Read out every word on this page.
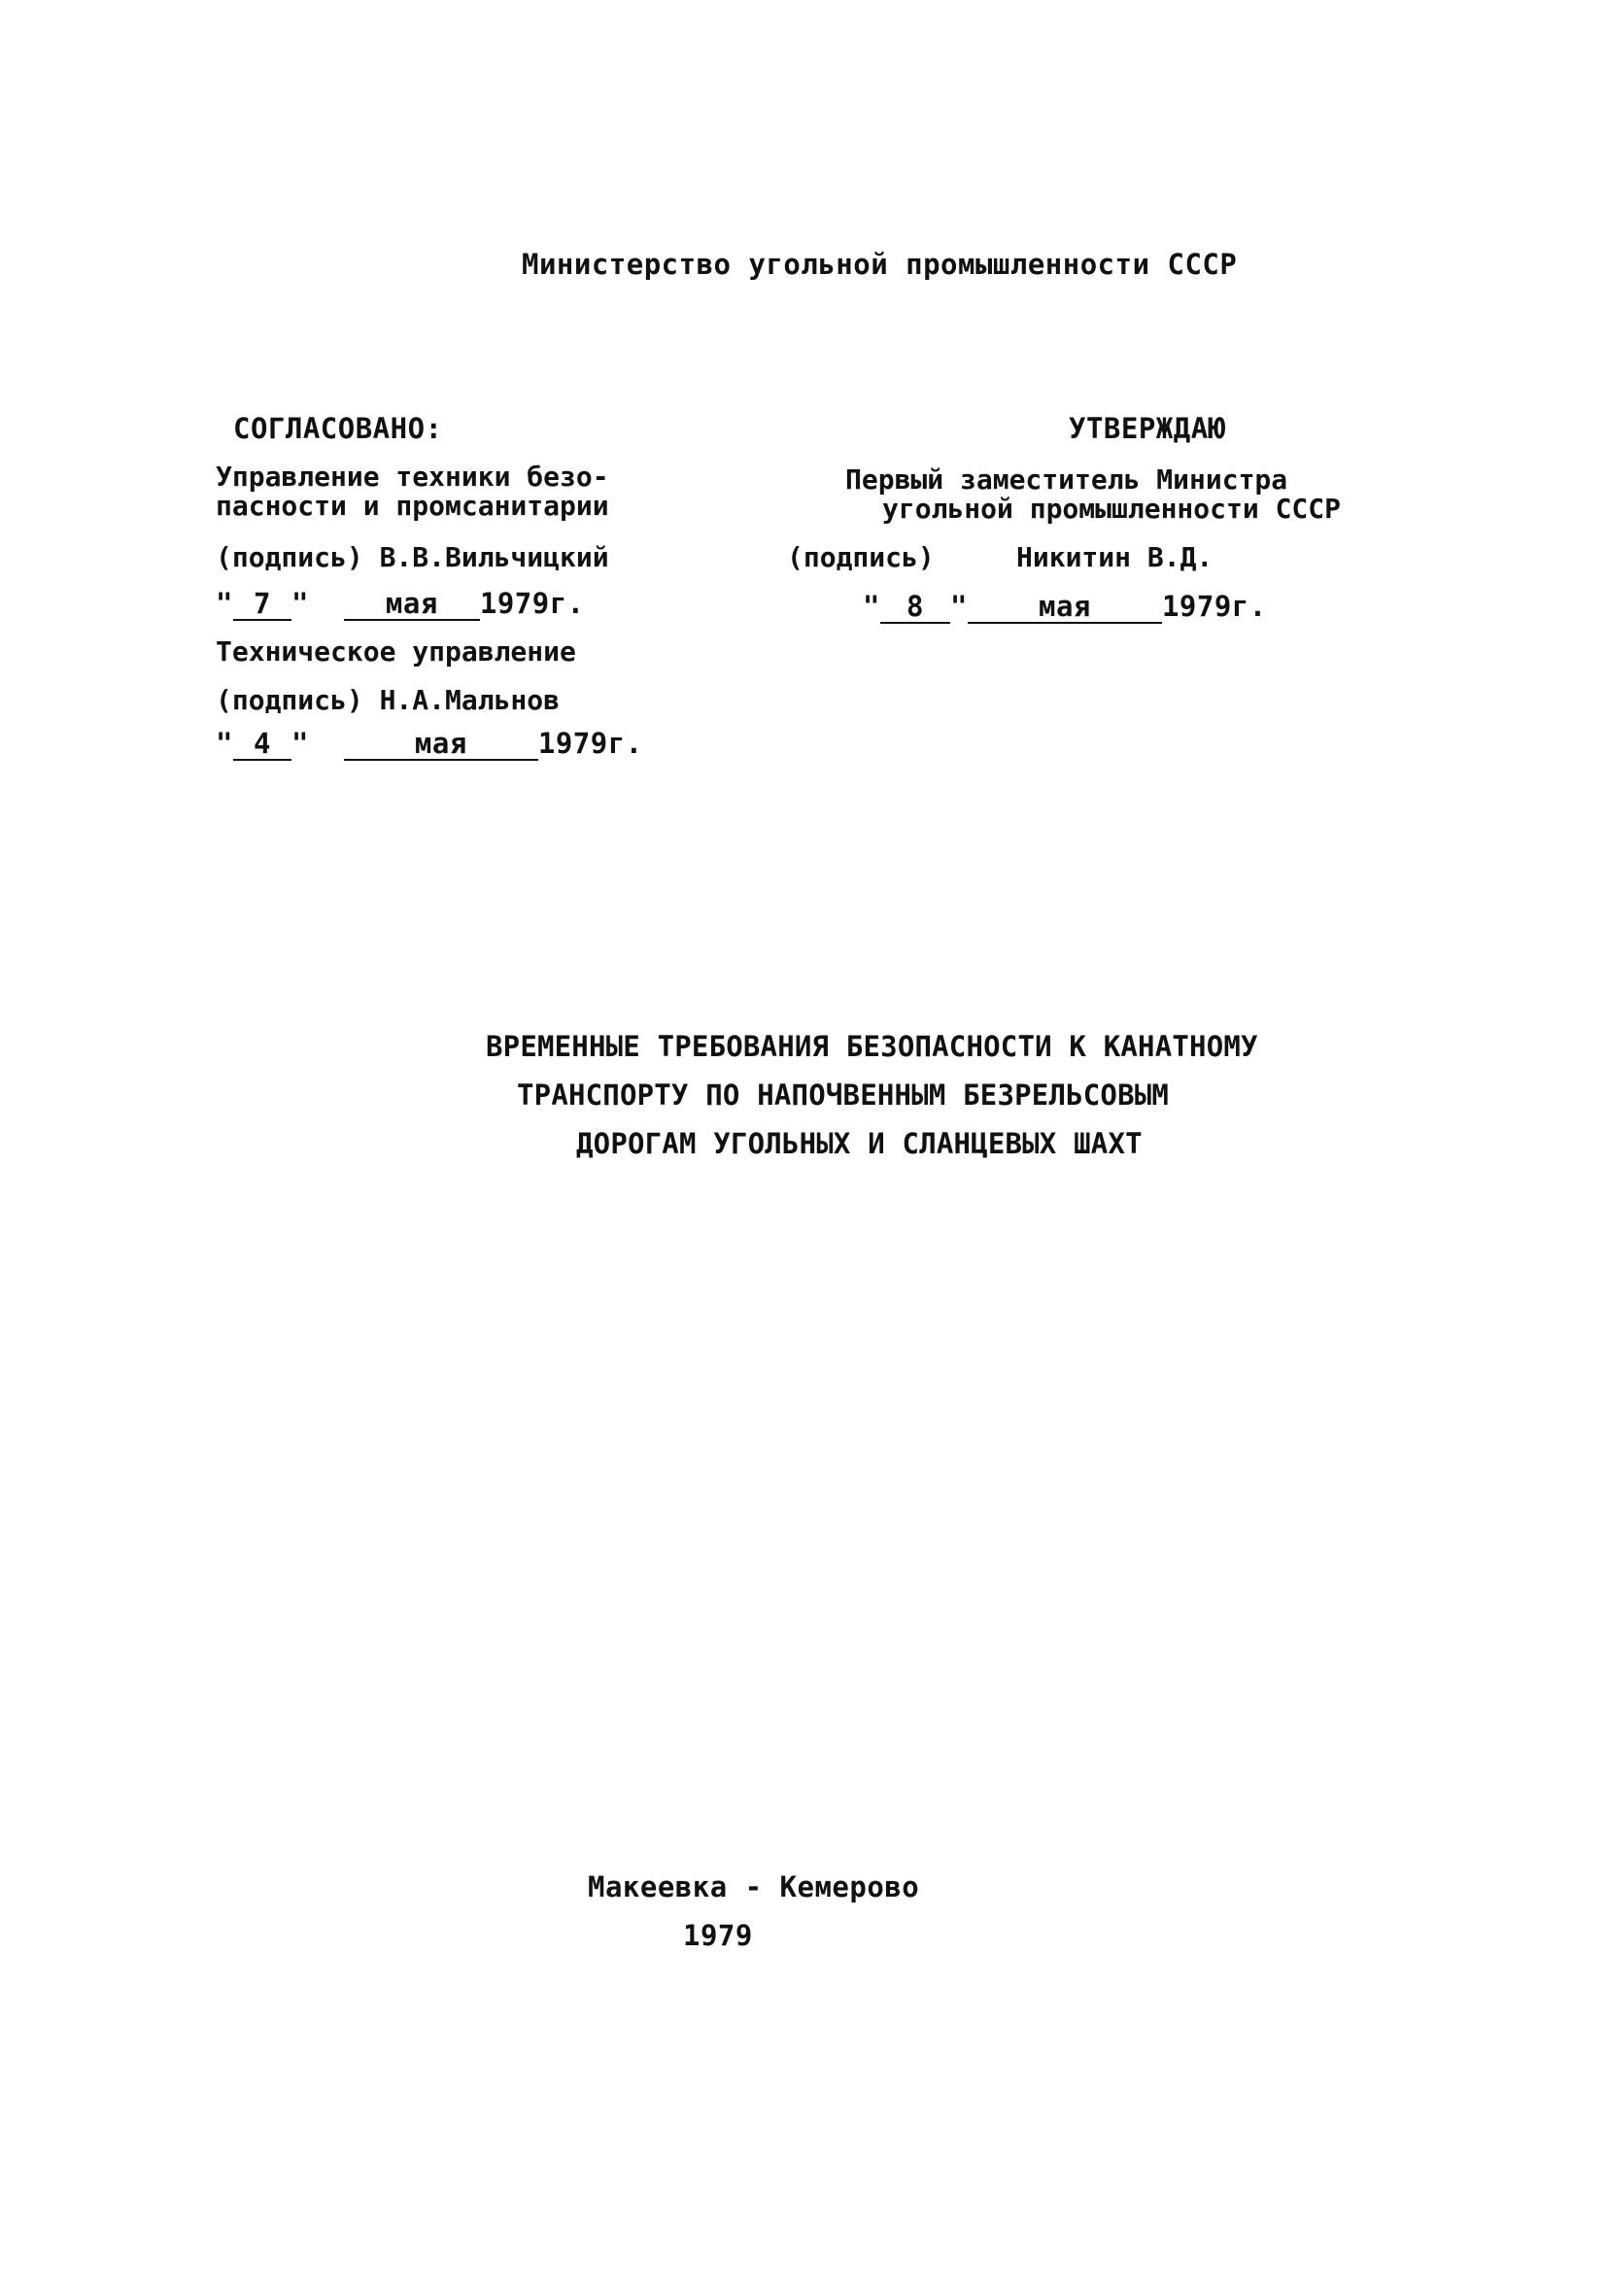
Министерство угольной промышленности СССР
СОГЛАСОВАНО:
Управление техники безо-
пасности и промсанитарии
(подпись) В.В.Вильчицкий
" 7 "	мая 1979г.
Техническое управление
(подпись) Н.А.Мальнов
" 4 "	мая	1979г.
УТВЕРЖДАЮ
Первый заместитель Министра
угольной промышленности СССР
(подпись)     Никитин В.Д.
" 8 "	мая	1979г.
ВРЕМЕННЫЕ ТРЕБОВАНИЯ БЕЗОПАСНОСТИ К КАНАТНОМУ
ТРАНСПОРТУ ПО НАПОЧВЕННЫМ БЕЗРЕЛЬСОВЫМ
ДОРОГАМ УГОЛЬНЫХ И СЛАНЦЕВЫХ ШАХТ
Макеевка - Кемерово
1979
